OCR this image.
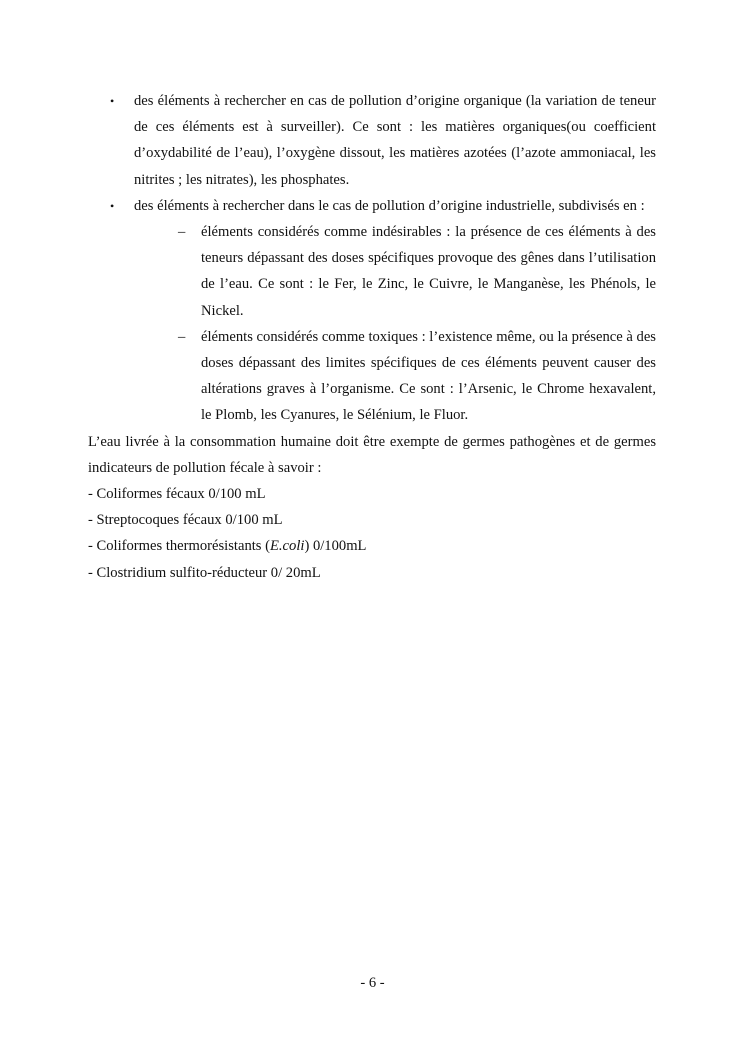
• des éléments à rechercher en cas de pollution d’origine organique (la variation de teneur de ces éléments est à surveiller). Ce sont : les matières organiques(ou coefficient d’oxydabilité de l’eau), l’oxygène dissout, les matières azotées (l’azote ammoniacal, les nitrites ; les nitrates), les phosphates.
• des éléments à rechercher dans le cas de pollution d’origine industrielle, subdivisés en :
– éléments considérés comme indésirables : la présence de ces éléments à des teneurs dépassant des doses spécifiques provoque des gênes dans l’utilisation de l’eau. Ce sont : le Fer, le Zinc, le Cuivre, le Manganèse, les Phénols, le Nickel.
– éléments considérés comme toxiques : l’existence même, ou la présence à des doses dépassant des limites spécifiques de ces éléments peuvent causer des altérations graves à l’organisme. Ce sont : l’Arsenic, le Chrome hexavalent, le Plomb, les Cyanures, le Sélénium, le Fluor.
L’eau livrée à la consommation humaine doit être exempte de germes pathogènes et de germes indicateurs de pollution fécale à savoir :
- Coliformes fécaux 0/100 mL
- Streptocoques fécaux 0/100 mL
- Coliformes thermorésistants (E.coli) 0/100mL
- Clostridium sulfito-réducteur 0/ 20mL
- 6 -
